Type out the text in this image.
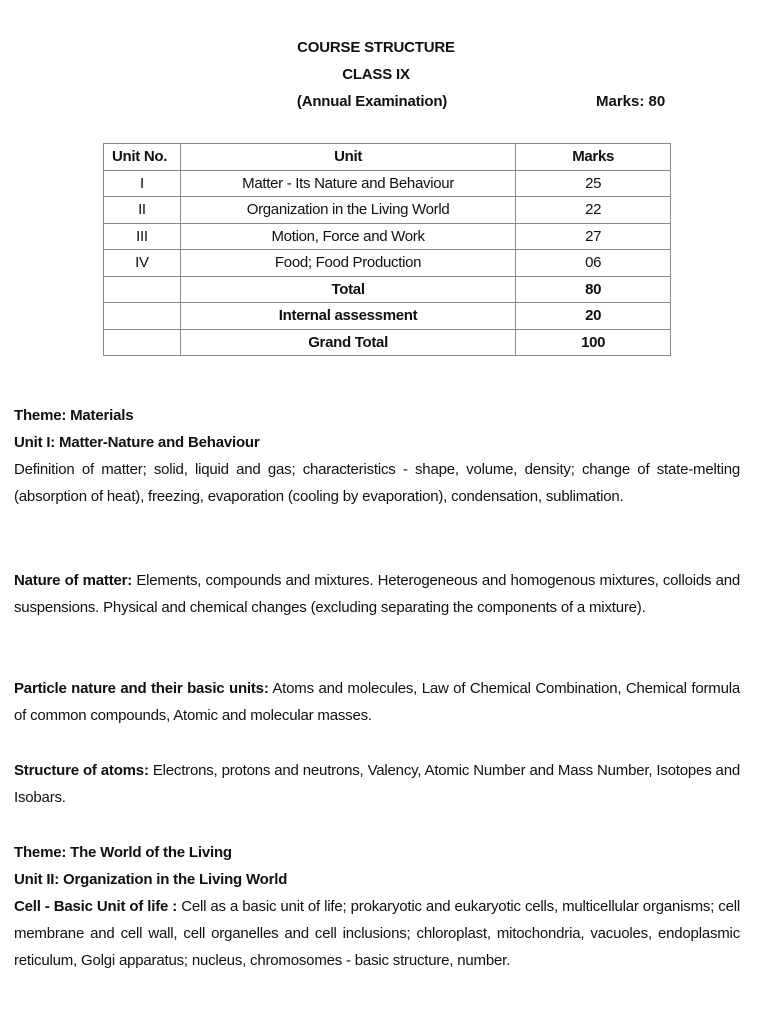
COURSE STRUCTURE
CLASS IX
(Annual Examination)	Marks: 80
Unit No.	Unit	Marks
I	Matter - Its Nature and Behaviour	25
II	Organization in the Living World	22
III	Motion, Force and Work	27
IV	Food; Food Production	06
	Total	80
	Internal assessment	20
	Grand Total	100

Theme: Materials

Unit I: Matter-Nature and Behaviour

Definition of matter; solid, liquid and gas; characteristics - shape, volume, density; change of state-melting (absorption of heat), freezing, evaporation (cooling by evaporation), condensation, sublimation.

Nature of matter: Elements, compounds and mixtures. Heterogeneous and homogenous mixtures, colloids and suspensions. Physical and chemical changes (excluding separating the components of a mixture).
Particle nature and their basic units: Atoms and molecules, Law of Chemical Combination, Chemical formula of common compounds, Atomic and molecular masses.
Structure of atoms: Electrons, protons and neutrons, Valency, Atomic Number and Mass Number, Isotopes and Isobars.

Theme: The World of the Living

Unit II: Organization in the Living World

Cell - Basic Unit of life : Cell as a basic unit of life; prokaryotic and eukaryotic cells, multicellular organisms; cell membrane and cell wall, cell organelles and cell inclusions; chloroplast, mitochondria, vacuoles, endoplasmic reticulum, Golgi apparatus; nucleus, chromosomes - basic structure, number.
